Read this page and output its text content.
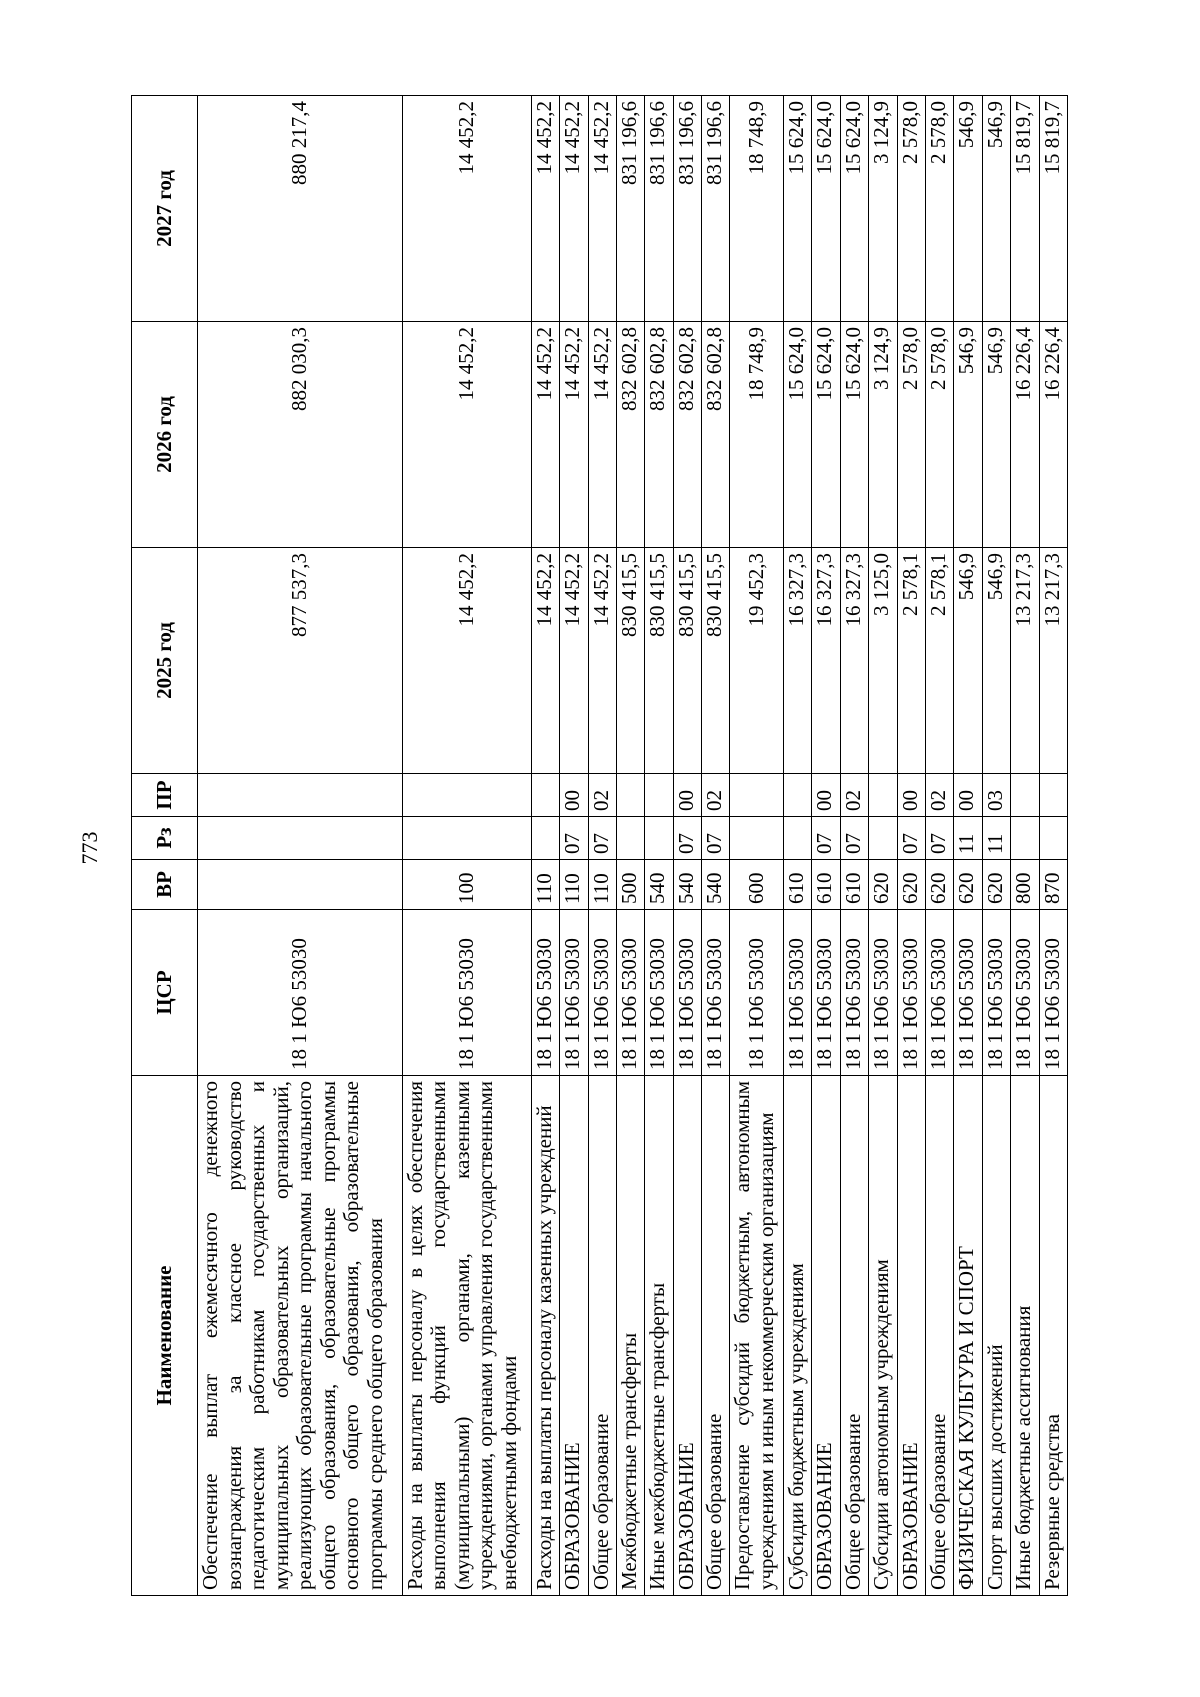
773
Наименование	ЦСР	ВР	Рз	ПР	2025 год	2026 год	2027 год
Обеспечение выплат ежемесячного денежного вознаграждения за классное руководство педагогическим работникам государственных и муниципальных образовательных организаций, реализующих образовательные программы начального общего образования, образовательные программы основного общего образования, образовательные программы среднего общего образования	18 1 Ю6 53030				877 537,3	882 030,3	880 217,4
Расходы на выплаты персоналу в целях обеспечения выполнения функций государственными (муниципальными) органами, казенными учреждениями, органами управления государственными внебюджетными фондами	18 1 Ю6 53030	100			14 452,2	14 452,2	14 452,2
Расходы на выплаты персоналу казенных учреждений	18 1 Ю6 53030	110			14 452,2	14 452,2	14 452,2
ОБРАЗОВАНИЕ	18 1 Ю6 53030	110	07	00	14 452,2	14 452,2	14 452,2
Общее образование	18 1 Ю6 53030	110	07	02	14 452,2	14 452,2	14 452,2
Межбюджетные трансферты	18 1 Ю6 53030	500			830 415,5	832 602,8	831 196,6
Иные межбюджетные трансферты	18 1 Ю6 53030	540			830 415,5	832 602,8	831 196,6
ОБРАЗОВАНИЕ	18 1 Ю6 53030	540	07	00	830 415,5	832 602,8	831 196,6
Общее образование	18 1 Ю6 53030	540	07	02	830 415,5	832 602,8	831 196,6
Предоставление субсидий бюджетным, автономным учреждениям и иным некоммерческим организациям	18 1 Ю6 53030	600			19 452,3	18 748,9	18 748,9
Субсидии бюджетным учреждениям	18 1 Ю6 53030	610			16 327,3	15 624,0	15 624,0
ОБРАЗОВАНИЕ	18 1 Ю6 53030	610	07	00	16 327,3	15 624,0	15 624,0
Общее образование	18 1 Ю6 53030	610	07	02	16 327,3	15 624,0	15 624,0
Субсидии автономным учреждениям	18 1 Ю6 53030	620			3 125,0	3 124,9	3 124,9
ОБРАЗОВАНИЕ	18 1 Ю6 53030	620	07	00	2 578,1	2 578,0	2 578,0
Общее образование	18 1 Ю6 53030	620	07	02	2 578,1	2 578,0	2 578,0
ФИЗИЧЕСКАЯ КУЛЬТУРА И СПОРТ	18 1 Ю6 53030	620	11	00	546,9	546,9	546,9
Спорт высших достижений	18 1 Ю6 53030	620	11	03	546,9	546,9	546,9
Иные бюджетные ассигнования	18 1 Ю6 53030	800			13 217,3	16 226,4	15 819,7
Резервные средства	18 1 Ю6 53030	870			13 217,3	16 226,4	15 819,7
